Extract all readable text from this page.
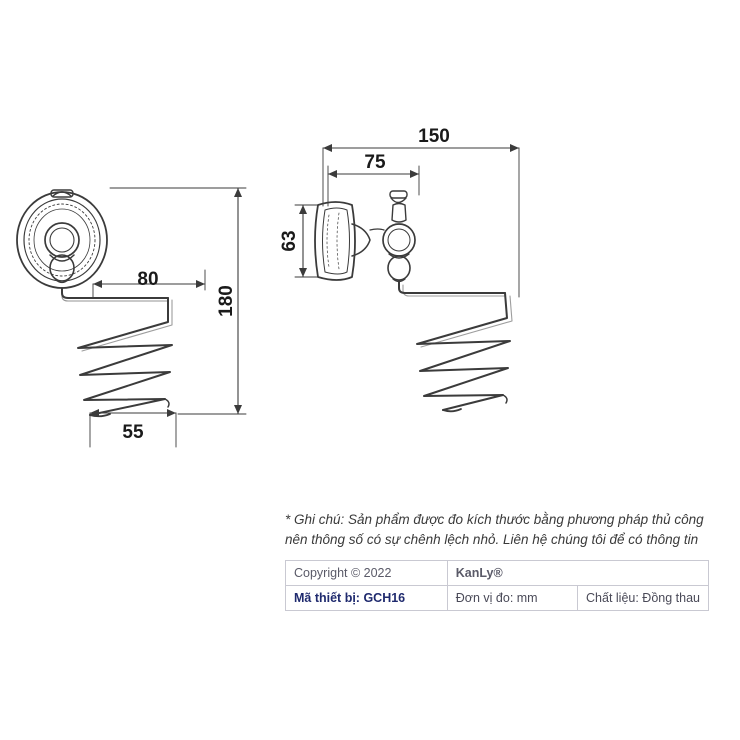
80
55
180
150
75
63
* Ghi chú: Sản phẩm được đo kích thước bằng phương pháp thủ công
nên thông số có sự chênh lệch nhỏ. Liên hệ chúng tôi để có thông tin
Copyright © 2022	KanLy®	
Mã thiết bị: GCH16	Đơn vị đo: mm	Chất liệu: Đồng thau
